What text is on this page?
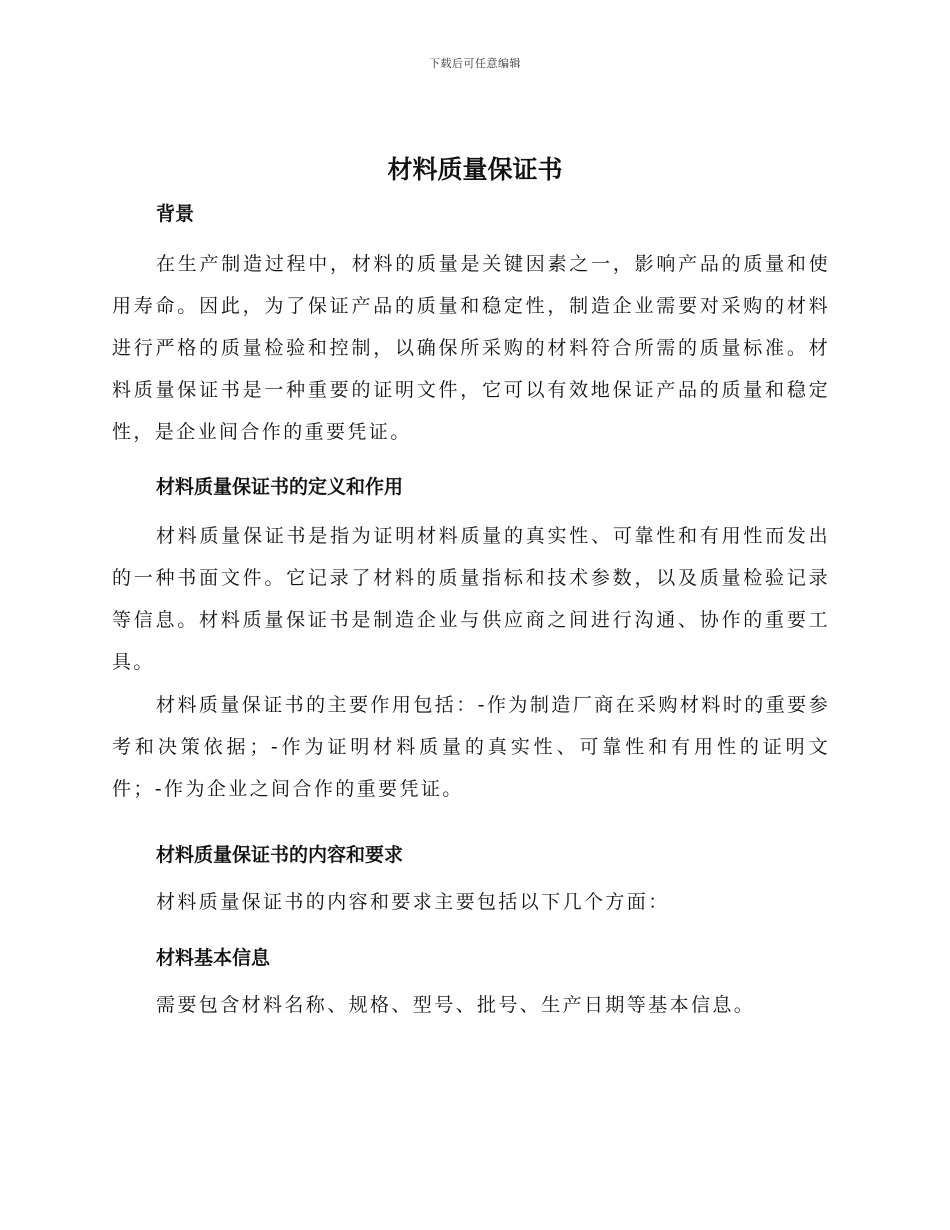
下载后可任意编辑
材料质量保证书
背景

在生产制造过程中，材料的质量是关键因素之一，影响产品的质量和使用寿命。因此，为了保证产品的质量和稳定性，制造企业需要对采购的材料进行严格的质量检验和控制，以确保所采购的材料符合所需的质量标准。材料质量保证书是一种重要的证明文件，它可以有效地保证产品的质量和稳定性，是企业间合作的重要凭证。

材料质量保证书的定义和作用

材料质量保证书是指为证明材料质量的真实性、可靠性和有用性而发出的一种书面文件。它记录了材料的质量指标和技术参数，以及质量检验记录等信息。材料质量保证书是制造企业与供应商之间进行沟通、协作的重要工具。

材料质量保证书的主要作用包括：-作为制造厂商在采购材料时的重要参考和决策依据；-作为证明材料质量的真实性、可靠性和有用性的证明文件；-作为企业之间合作的重要凭证。

材料质量保证书的内容和要求

材料质量保证书的内容和要求主要包括以下几个方面：

材料基本信息

需要包含材料名称、规格、型号、批号、生产日期等基本信息。
